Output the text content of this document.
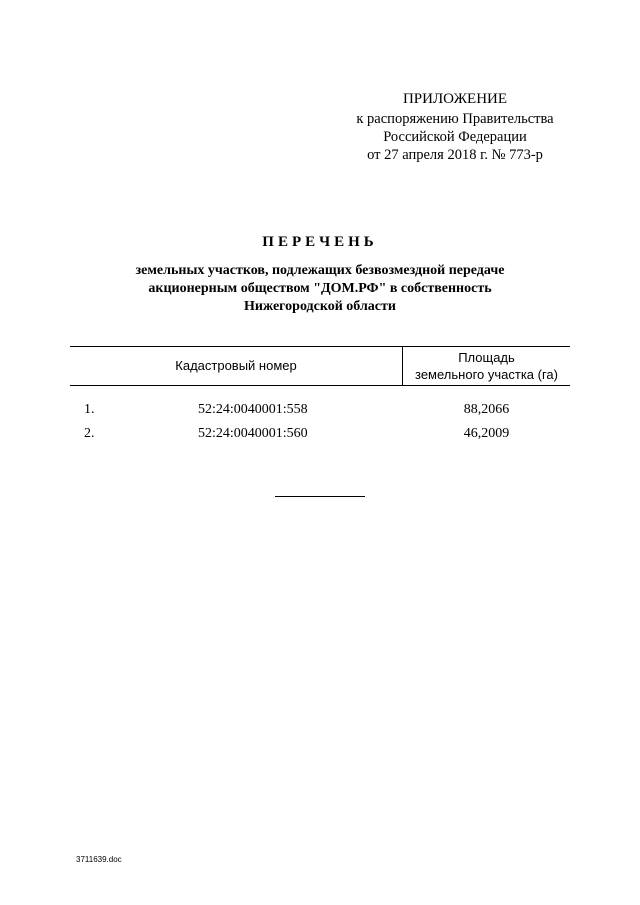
ПРИЛОЖЕНИЕ
к распоряжению Правительства
Российской Федерации
от 27 апреля 2018 г. № 773-р
ПЕРЕЧЕНЬ
земельных участков, подлежащих безвозмездной передаче
акционерным обществом "ДОМ.РФ" в собственность
Нижегородской области
Кадастровый номер
Площадь
земельного участка (га)
1.	52:24:0040001:558	88,2066
2.	52:24:0040001:560	46,2009
3711639.doc
